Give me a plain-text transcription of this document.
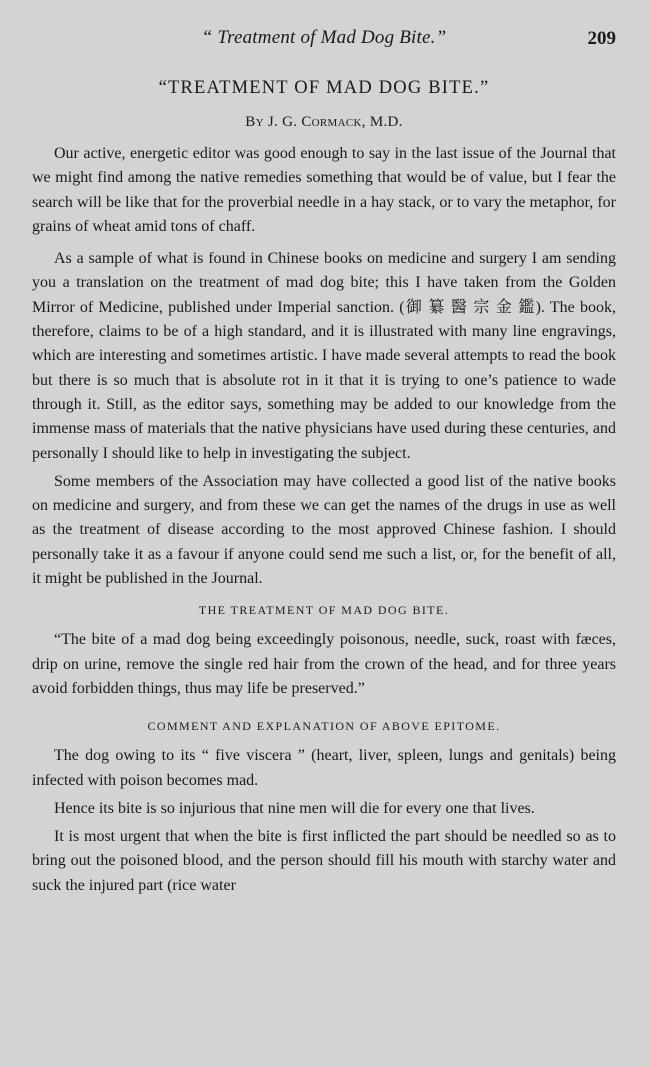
“ Treatment of Mad Dog Bite.”	209
“TREATMENT OF MAD DOG BITE.”
By J. G. Cormack, M.D.

Our active, energetic editor was good enough to say in the last issue of the Journal that we might find among the native remedies something that would be of value, but I fear the search will be like that for the proverbial needle in a hay stack, or to vary the metaphor, for grains of wheat amid tons of chaff.

As a sample of what is found in Chinese books on medicine and surgery I am sending you a translation on the treatment of mad dog bite; this I have taken from the Golden Mirror of Medicine, published under Imperial sanction. (御 纂 醫 宗 金 鑑). The book, therefore, claims to be of a high standard, and it is illustrated with many line engravings, which are interesting and sometimes artistic. I have made several attempts to read the book but there is so much that is absolute rot in it that it is trying to one’s patience to wade through it. Still, as the editor says, something may be added to our knowledge from the immense mass of materials that the native physicians have used during these centuries, and personally I should like to help in investigating the subject.

Some members of the Association may have collected a good list of the native books on medicine and surgery, and from these we can get the names of the drugs in use as well as the treatment of disease according to the most approved Chinese fashion. I should personally take it as a favour if anyone could send me such a list, or, for the benefit of all, it might be published in the Journal.

THE TREATMENT OF MAD DOG BITE.

“The bite of a mad dog being exceedingly poisonous, needle, suck, roast with fæces, drip on urine, remove the single red hair from the crown of the head, and for three years avoid forbidden things, thus may life be preserved.”

COMMENT AND EXPLANATION OF ABOVE EPITOME.

The dog owing to its “ five viscera ” (heart, liver, spleen, lungs and genitals) being infected with poison becomes mad.

Hence its bite is so injurious that nine men will die for every one that lives.

It is most urgent that when the bite is first inflicted the part should be needled so as to bring out the poisoned blood, and the person should fill his mouth with starchy water and suck the injured part (rice water
